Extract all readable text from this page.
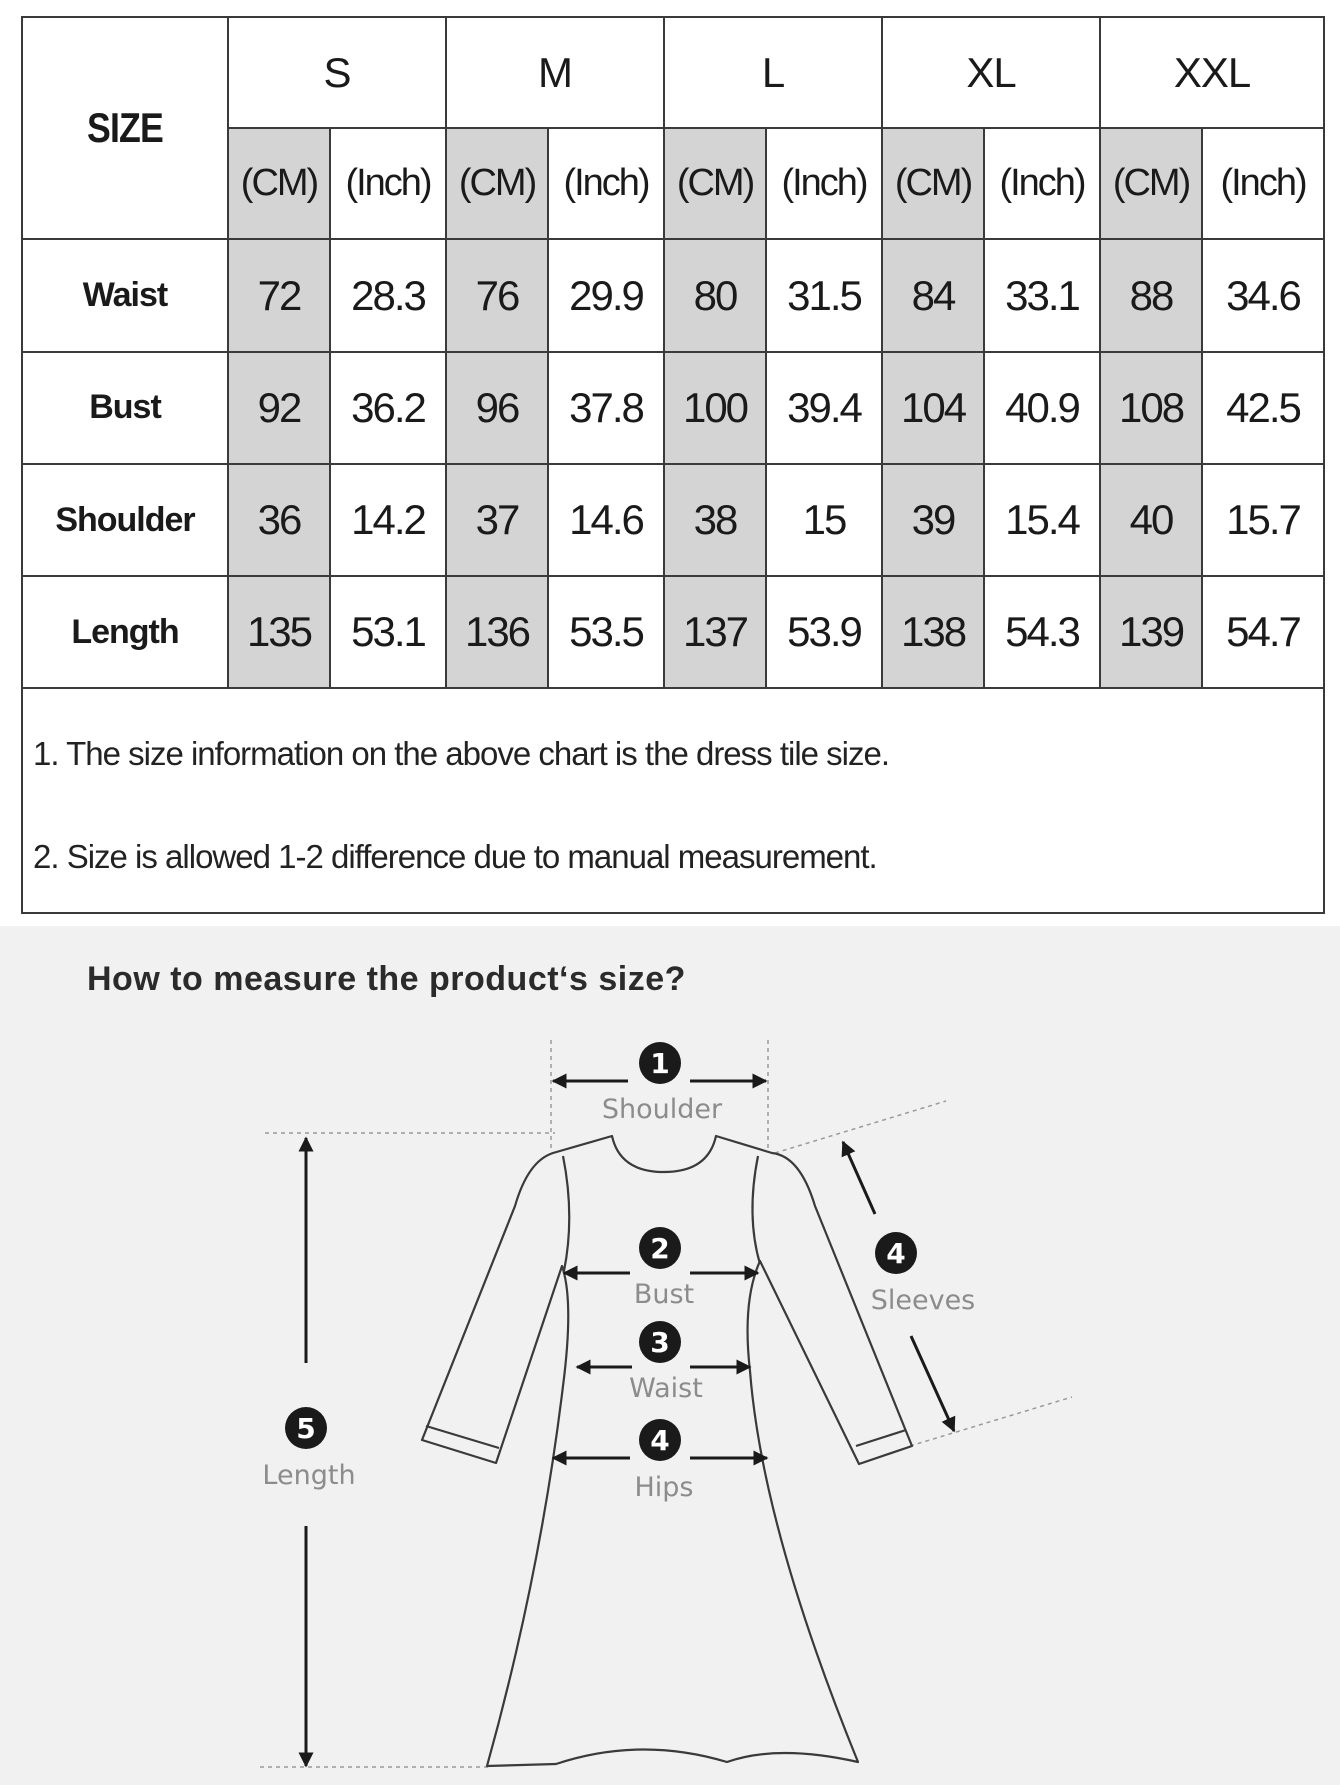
SIZE	S		M		L		XL		XXL	
	(CM)	(Inch)	(CM)	(Inch)	(CM)	(Inch)	(CM)	(Inch)	(CM)	(Inch)
Waist	72	28.3	76	29.9	80	31.5	84	33.1	88	34.6
Bust	92	36.2	96	37.8	100	39.4	104	40.9	108	42.5
Shoulder	36	14.2	37	14.6	38	15	39	15.4	40	15.7
Length	135	53.1	136	53.5	137	53.9	138	54.3	139	54.7

1. The size information on the above chart is the dress tile size.
2. Size is allowed 1-2 difference due to manual measurement.										
How to measure the product‘s size?
1
Shoulder
2
Bust
3
Waist
4
Hips
4
Sleeves
5
Length
